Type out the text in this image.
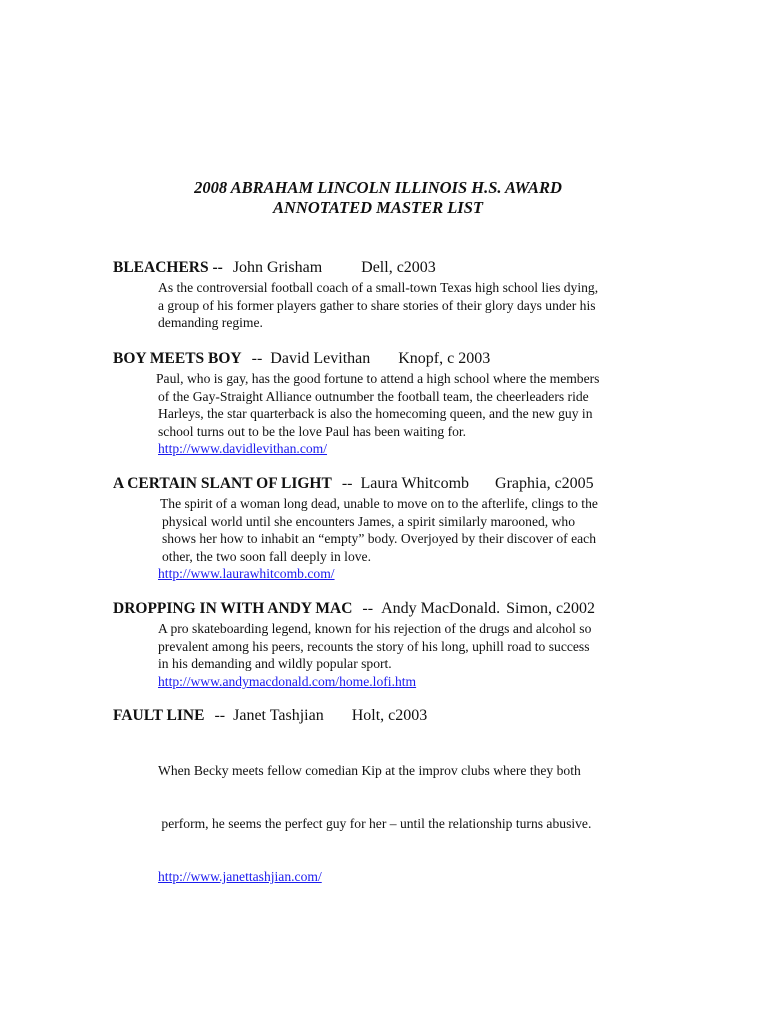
2008 ABRAHAM LINCOLN ILLINOIS H.S. AWARD
ANNOTATED MASTER LIST
BLEACHERS -- John Grisham Dell, c2003
As the controversial football coach of a small-town Texas high school lies dying,
a group of his former players gather to share stories of their glory days under his
demanding regime.
BOY MEETS BOY -- David Levithan Knopf, c 2003
Paul, who is gay, has the good fortune to attend a high school where the members
of the Gay-Straight Alliance outnumber the football team, the cheerleaders ride
Harleys, the star quarterback is also the homecoming queen, and the new guy in
school turns out to be the love Paul has been waiting for.
http://www.davidlevithan.com/
A CERTAIN SLANT OF LIGHT -- Laura Whitcomb Graphia, c2005
The spirit of a woman long dead, unable to move on to the afterlife, clings to the
physical world until she encounters James, a spirit similarly marooned, who
shows her how to inhabit an “empty” body. Overjoyed by their discover of each
other, the two soon fall deeply in love.
http://www.laurawhitcomb.com/
DROPPING IN WITH ANDY MAC -- Andy MacDonald. Simon, c2002
A pro skateboarding legend, known for his rejection of the drugs and alcohol so
prevalent among his peers, recounts the story of his long, uphill road to success
in his demanding and wildly popular sport.
http://www.andymacdonald.com/home.lofi.htm
FAULT LINE -- Janet Tashjian Holt, c2003

When Becky meets fellow comedian Kip at the improv clubs where they both

perform, he seems the perfect guy for her – until the relationship turns abusive.

http://www.janettashjian.com/
